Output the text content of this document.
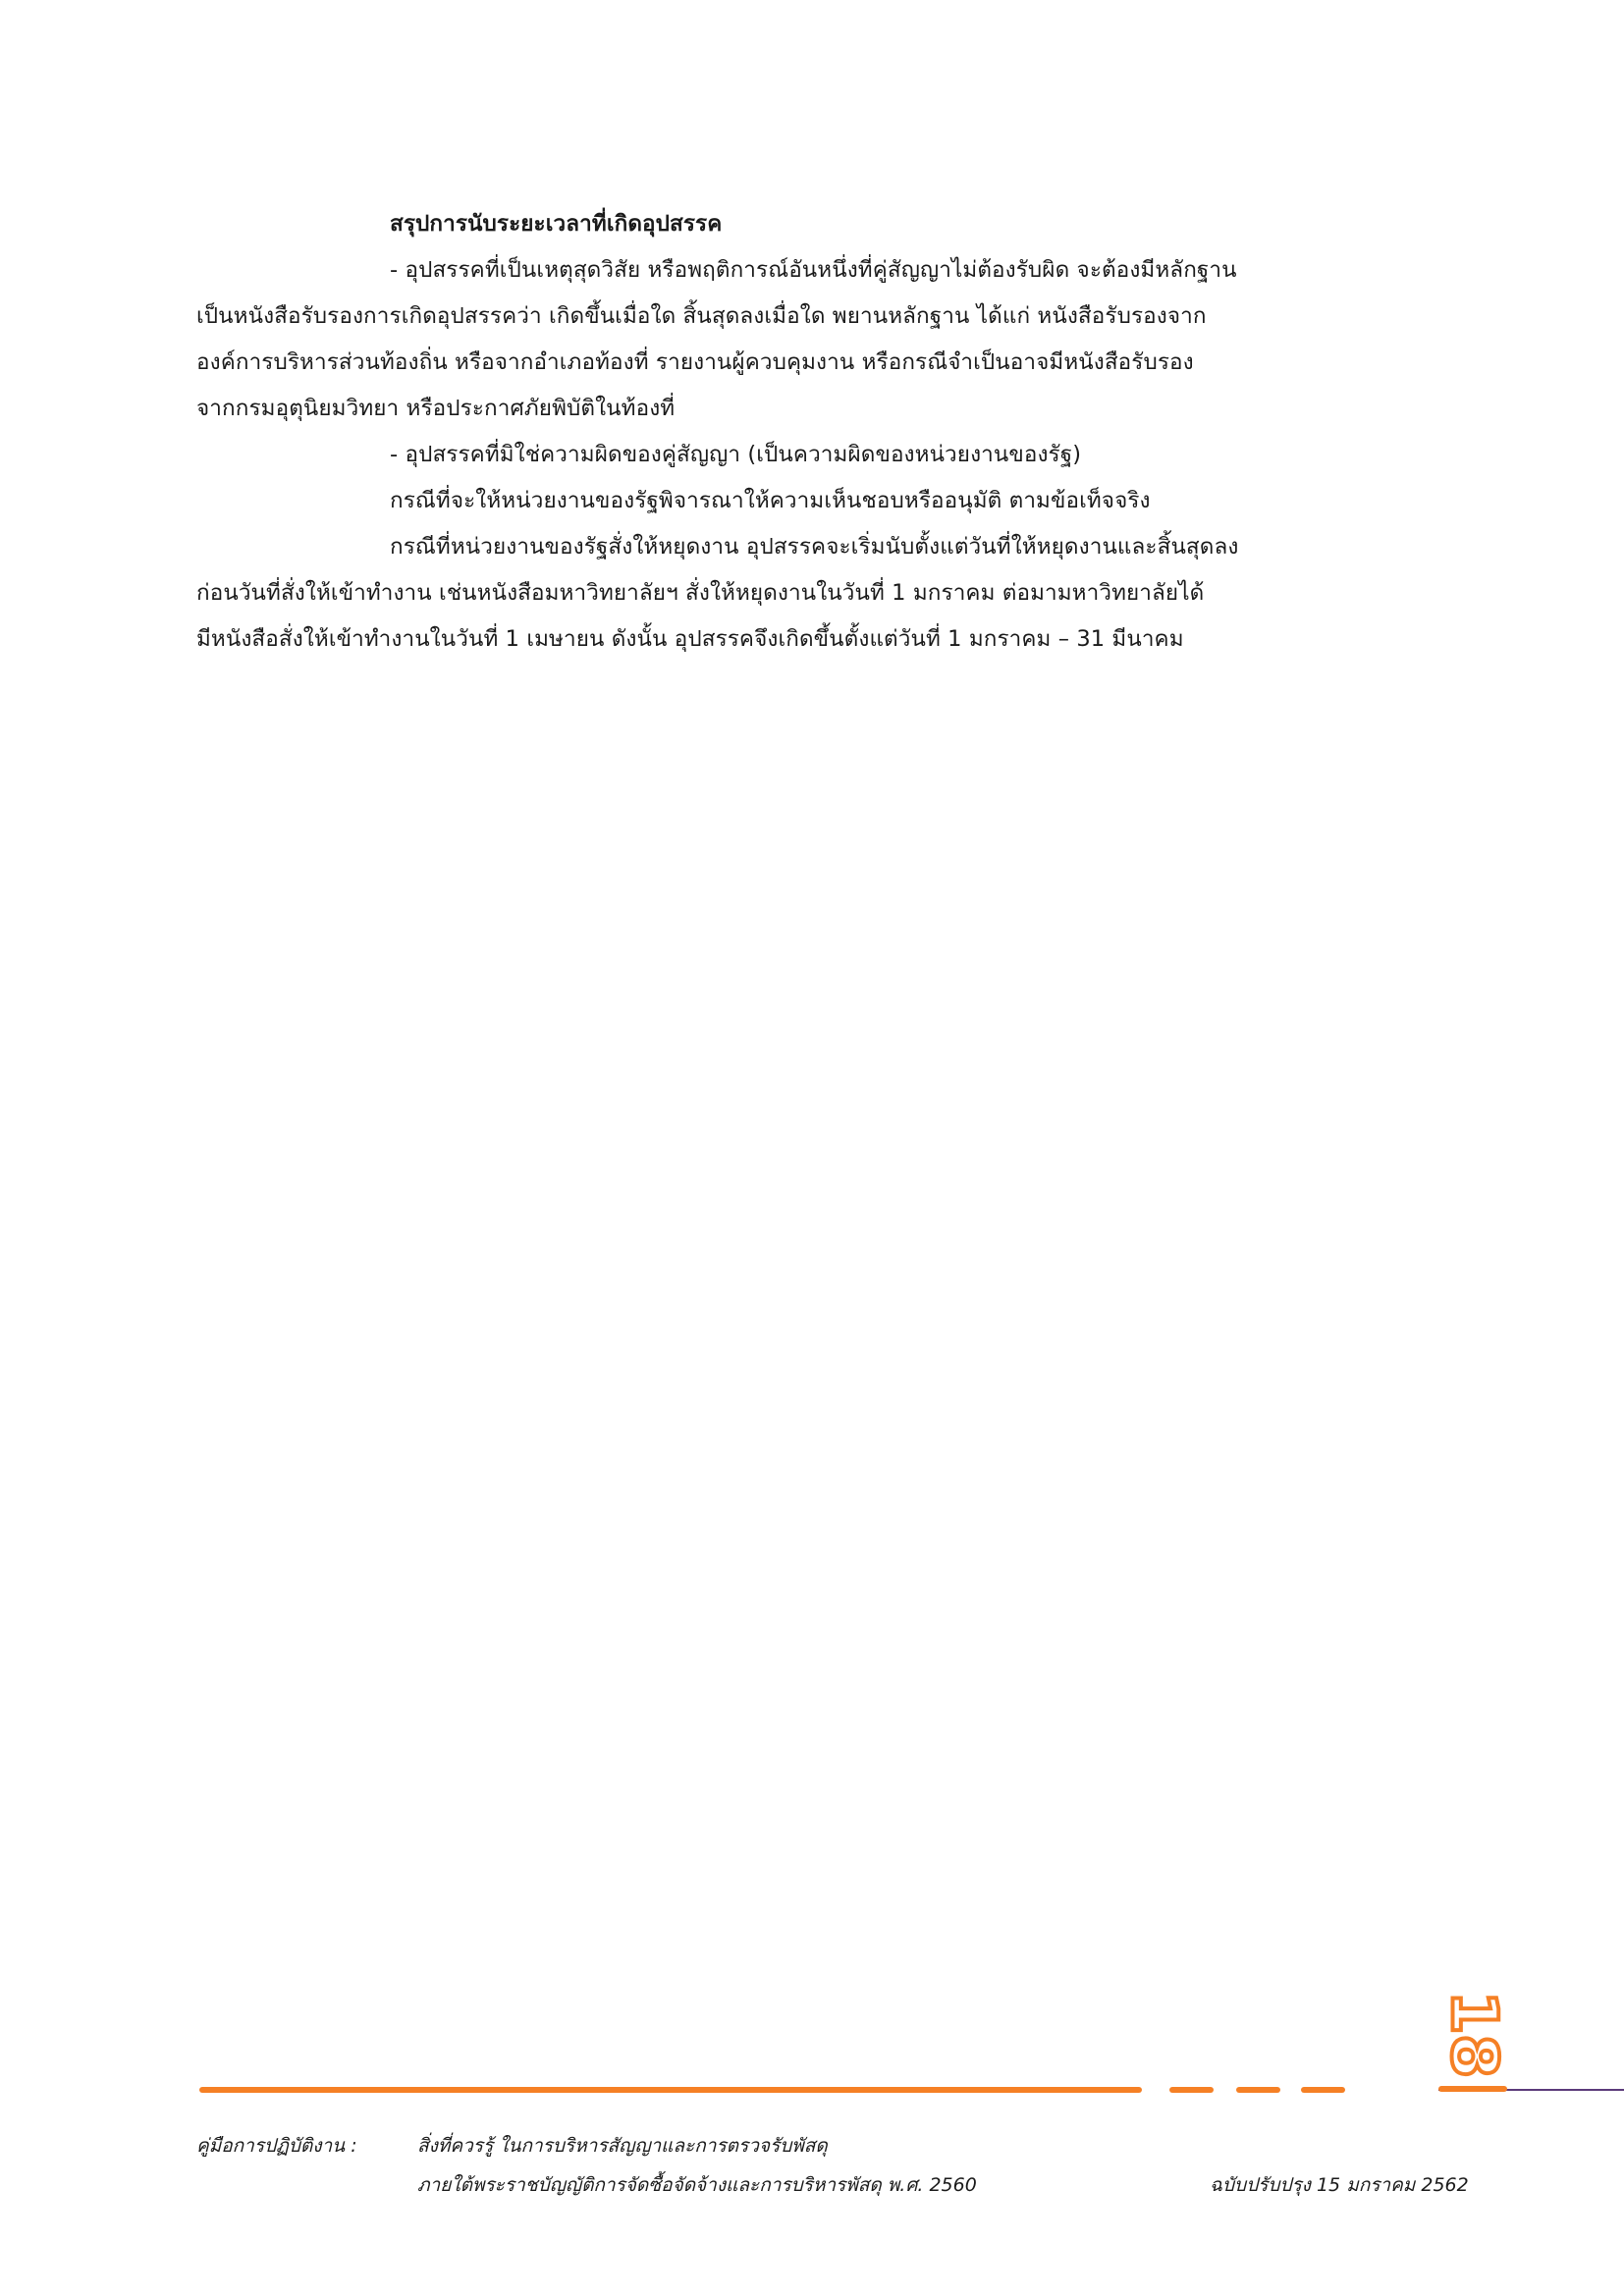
สรุปการนับระยะเวลาที่เกิดอุปสรรค
- อุปสรรคที่เป็นเหตุสุดวิสัย หรือพฤติการณ์อันหนึ่งที่คู่สัญญาไม่ต้องรับผิด จะต้องมีหลักฐาน
เป็นหนังสือรับรองการเกิดอุปสรรคว่า เกิดขึ้นเมื่อใด สิ้นสุดลงเมื่อใด พยานหลักฐาน ได้แก่ หนังสือรับรองจาก
องค์การบริหารส่วนท้องถิ่น หรือจากอำเภอท้องที่ รายงานผู้ควบคุมงาน หรือกรณีจำเป็นอาจมีหนังสือรับรอง
จากกรมอุตุนิยมวิทยา หรือประกาศภัยพิบัติในท้องที่
- อุปสรรคที่มิใช่ความผิดของคู่สัญญา (เป็นความผิดของหน่วยงานของรัฐ)
กรณีที่จะให้หน่วยงานของรัฐพิจารณาให้ความเห็นชอบหรืออนุมัติ ตามข้อเท็จจริง
กรณีที่หน่วยงานของรัฐสั่งให้หยุดงาน อุปสรรคจะเริ่มนับตั้งแต่วันที่ให้หยุดงานและสิ้นสุดลง
ก่อนวันที่สั่งให้เข้าทำงาน เช่นหนังสือมหาวิทยาลัยฯ สั่งให้หยุดงานในวันที่ 1 มกราคม ต่อมามหาวิทยาลัยได้
มีหนังสือสั่งให้เข้าทำงานในวันที่ 1 เมษายน ดังนั้น อุปสรรคจึงเกิดขึ้นตั้งแต่วันที่ 1 มกราคม – 31 มีนาคม
18
คู่มือการปฏิบัติงาน :	สิ่งที่ควรรู้ ในการบริหารสัญญาและการตรวจรับพัสดุ
ภายใต้พระราชบัญญัติการจัดซื้อจัดจ้างและการบริหารพัสดุ พ.ศ. 2560	ฉบับปรับปรุง 15 มกราคม 2562
